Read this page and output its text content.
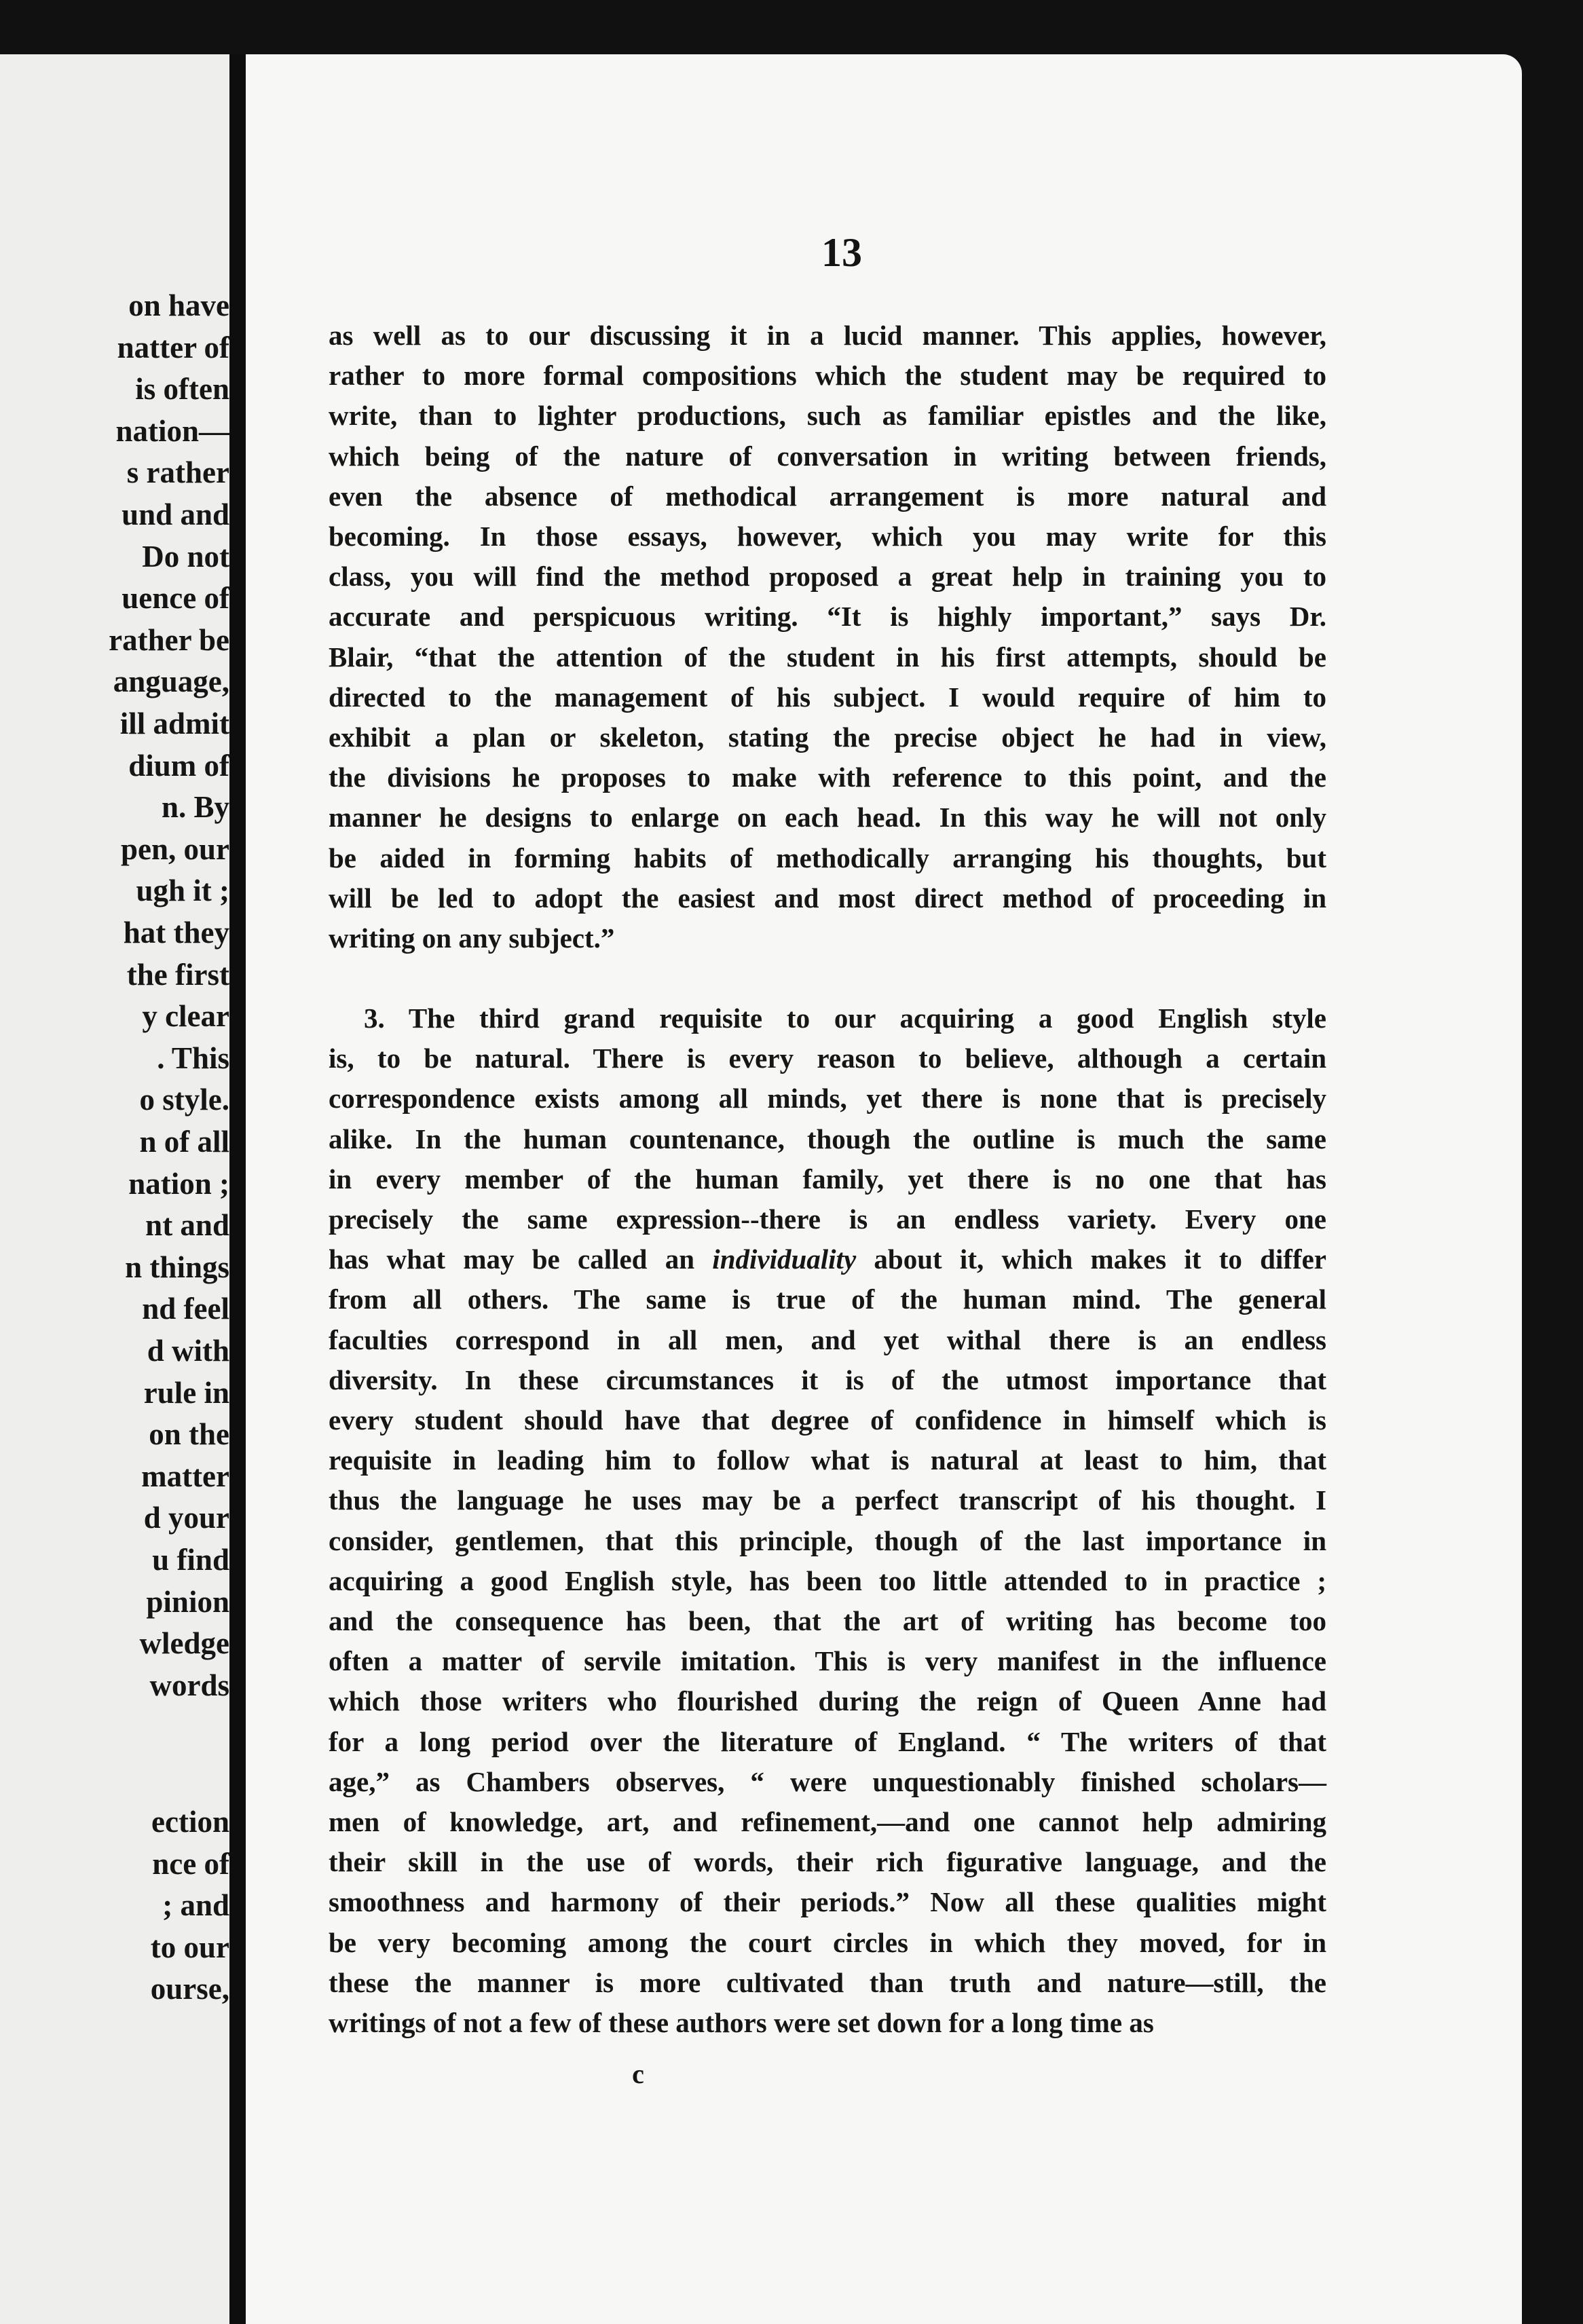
on have
natter of
is often
nation—
s rather
und and
Do not
uence of
rather be
anguage,
ill admit
dium of
n. By
pen, our
ugh it ;
hat they
the first
y clear
. This
o style.
n of all
nation ;
nt and
n things
nd feel
d with
rule in
on the
matter
d your
u find
pinion
wledge
words
ection
nce of
; and
to our
ourse,
13
as well as to our discussing it in a lucid manner. This applies, however,
rather to more formal compositions which the student may be required to
write, than to lighter productions, such as familiar epistles and the like,
which being of the nature of conversation in writing between friends,
even the absence of methodical arrangement is more natural and
becoming. In those essays, however, which you may write for this
class, you will find the method proposed a great help in training you to
accurate and perspicuous writing. “It is highly important,” says Dr.
Blair, “that the attention of the student in his first attempts, should be
directed to the management of his subject. I would require of him to
exhibit a plan or skeleton, stating the precise object he had in view,
the divisions he proposes to make with reference to this point, and the
manner he designs to enlarge on each head. In this way he will not only
be aided in forming habits of methodically arranging his thoughts, but
will be led to adopt the easiest and most direct method of proceeding in
writing on any subject.”
3. The third grand requisite to our acquiring a good English style
is, to be natural. There is every reason to believe, although a certain
correspondence exists among all minds, yet there is none that is precisely
alike. In the human countenance, though the outline is much the same
in every member of the human family, yet there is no one that has
precisely the same expression--there is an endless variety. Every one
has what may be called an individuality about it, which makes it to differ
from all others. The same is true of the human mind. The general
faculties correspond in all men, and yet withal there is an endless
diversity. In these circumstances it is of the utmost importance that
every student should have that degree of confidence in himself which is
requisite in leading him to follow what is natural at least to him, that
thus the language he uses may be a perfect transcript of his thought. I
consider, gentlemen, that this principle, though of the last importance in
acquiring a good English style, has been too little attended to in practice ;
and the consequence has been, that the art of writing has become too
often a matter of servile imitation. This is very manifest in the influence
which those writers who flourished during the reign of Queen Anne had
for a long period over the literature of England. “ The writers of that
age,” as Chambers observes, “ were unquestionably finished scholars—
men of knowledge, art, and refinement,—and one cannot help admiring
their skill in the use of words, their rich figurative language, and the
smoothness and harmony of their periods.” Now all these qualities might
be very becoming among the court circles in which they moved, for in
these the manner is more cultivated than truth and nature—still, the
writings of not a few of these authors were set down for a long time as
c
